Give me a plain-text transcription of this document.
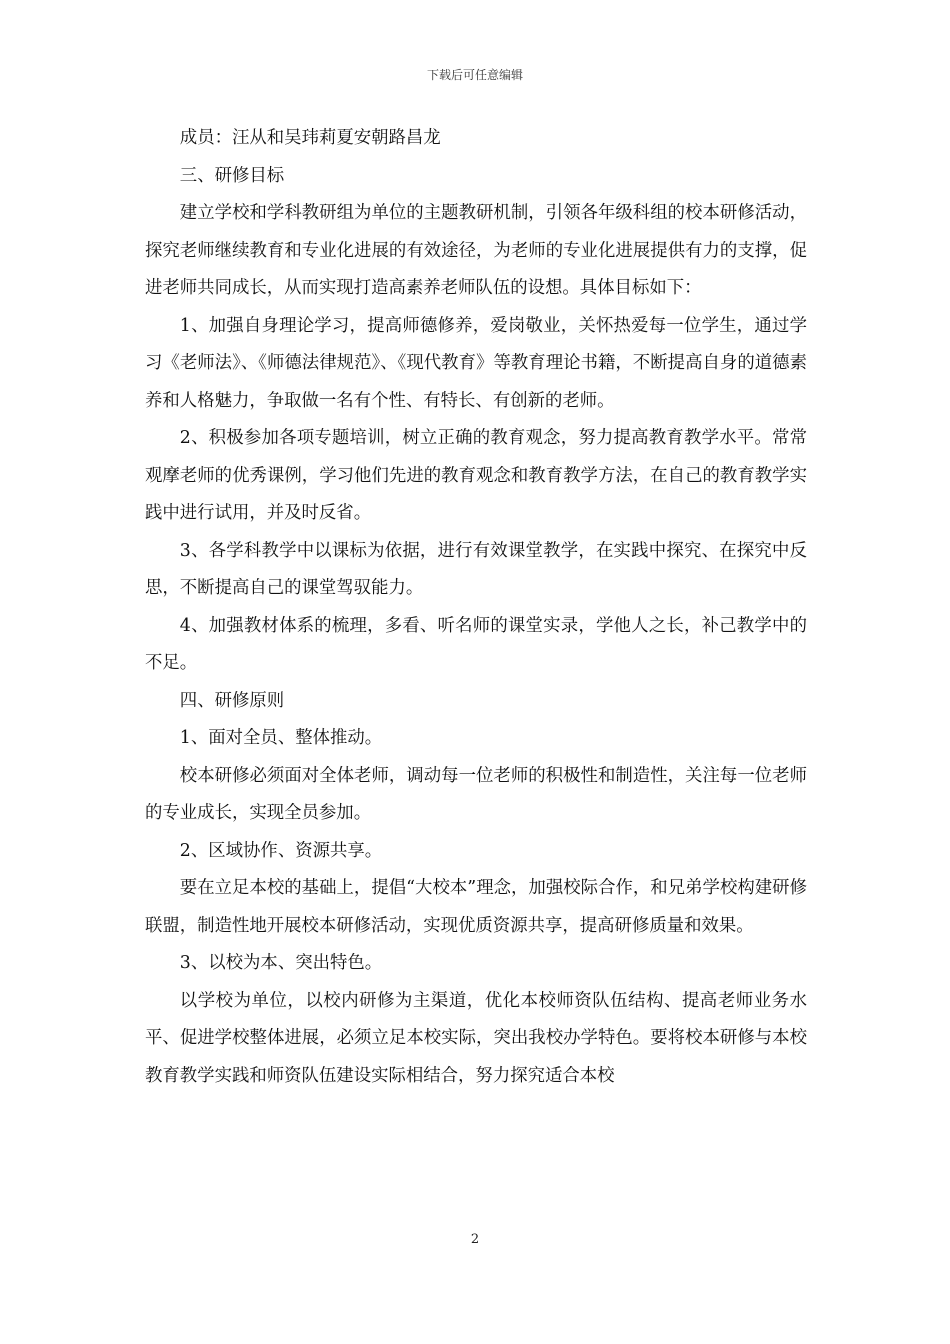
下载后可任意编辑

成员：汪从和吴玮莉夏安朝路昌龙

三、研修目标

建立学校和学科教研组为单位的主题教研机制，引领各年级科组的校本研修活动，探究老师继续教育和专业化进展的有效途径，为老师的专业化进展提供有力的支撑，促进老师共同成长，从而实现打造高素养老师队伍的设想。具体目标如下：

1、加强自身理论学习，提高师德修养，爱岗敬业，关怀热爱每一位学生，通过学习《老师法》、《师德法律规范》、《现代教育》等教育理论书籍，不断提高自身的道德素养和人格魅力，争取做一名有个性、有特长、有创新的老师。

2、积极参加各项专题培训，树立正确的教育观念，努力提高教育教学水平。常常观摩老师的优秀课例，学习他们先进的教育观念和教育教学方法，在自己的教育教学实践中进行试用，并及时反省。

3、各学科教学中以课标为依据，进行有效课堂教学，在实践中探究、在探究中反思，不断提高自己的课堂驾驭能力。

4、加强教材体系的梳理，多看、听名师的课堂实录，学他人之长，补己教学中的不足。

四、研修原则

1、面对全员、整体推动。

校本研修必须面对全体老师，调动每一位老师的积极性和制造性，关注每一位老师的专业成长，实现全员参加。

2、区域协作、资源共享。

要在立足本校的基础上，提倡“大校本”理念，加强校际合作，和兄弟学校构建研修联盟，制造性地开展校本研修活动，实现优质资源共享，提高研修质量和效果。

3、以校为本、突出特色。

以学校为单位，以校内研修为主渠道，优化本校师资队伍结构、提高老师业务水平、促进学校整体进展，必须立足本校实际，突出我校办学特色。要将校本研修与本校教育教学实践和师资队伍建设实际相结合，努力探究适合本校

2
